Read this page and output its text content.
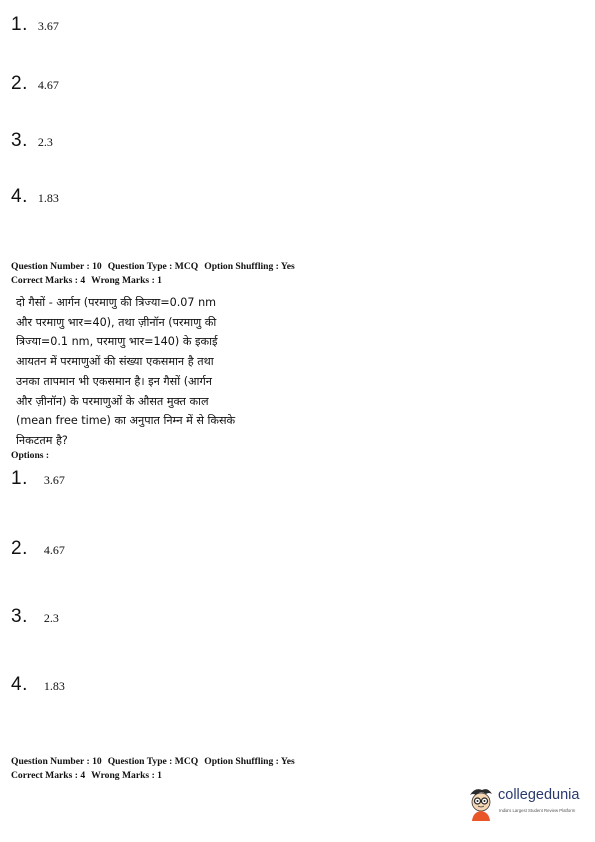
1. 3.67
2. 4.67
3. 2.3
4. 1.83
Question Number : 10 Question Type : MCQ Option Shuffling : Yes
Correct Marks : 4 Wrong Marks : 1
दो गैसों - आर्गन (परमाणु की त्रिज्या=0.07 nm
और परमाणु भार=40), तथा ज़ीनॉन (परमाणु की
त्रिज्या=0.1 nm, परमाणु भार=140) के इकाई
आयतन में परमाणुओं की संख्या एकसमान है तथा
उनका तापमान भी एकसमान है। इन गैसों (आर्गन
और ज़ीनॉन) के परमाणुओं के औसत मुक्त काल
(mean free time) का अनुपात निम्न में से किसके
निकटतम है?
Options :
1. 3.67
2. 4.67
3. 2.3
4. 1.83
Question Number : 10 Question Type : MCQ Option Shuffling : Yes
Correct Marks : 4 Wrong Marks : 1
collegedunia
India's Largest Student Review Platform
